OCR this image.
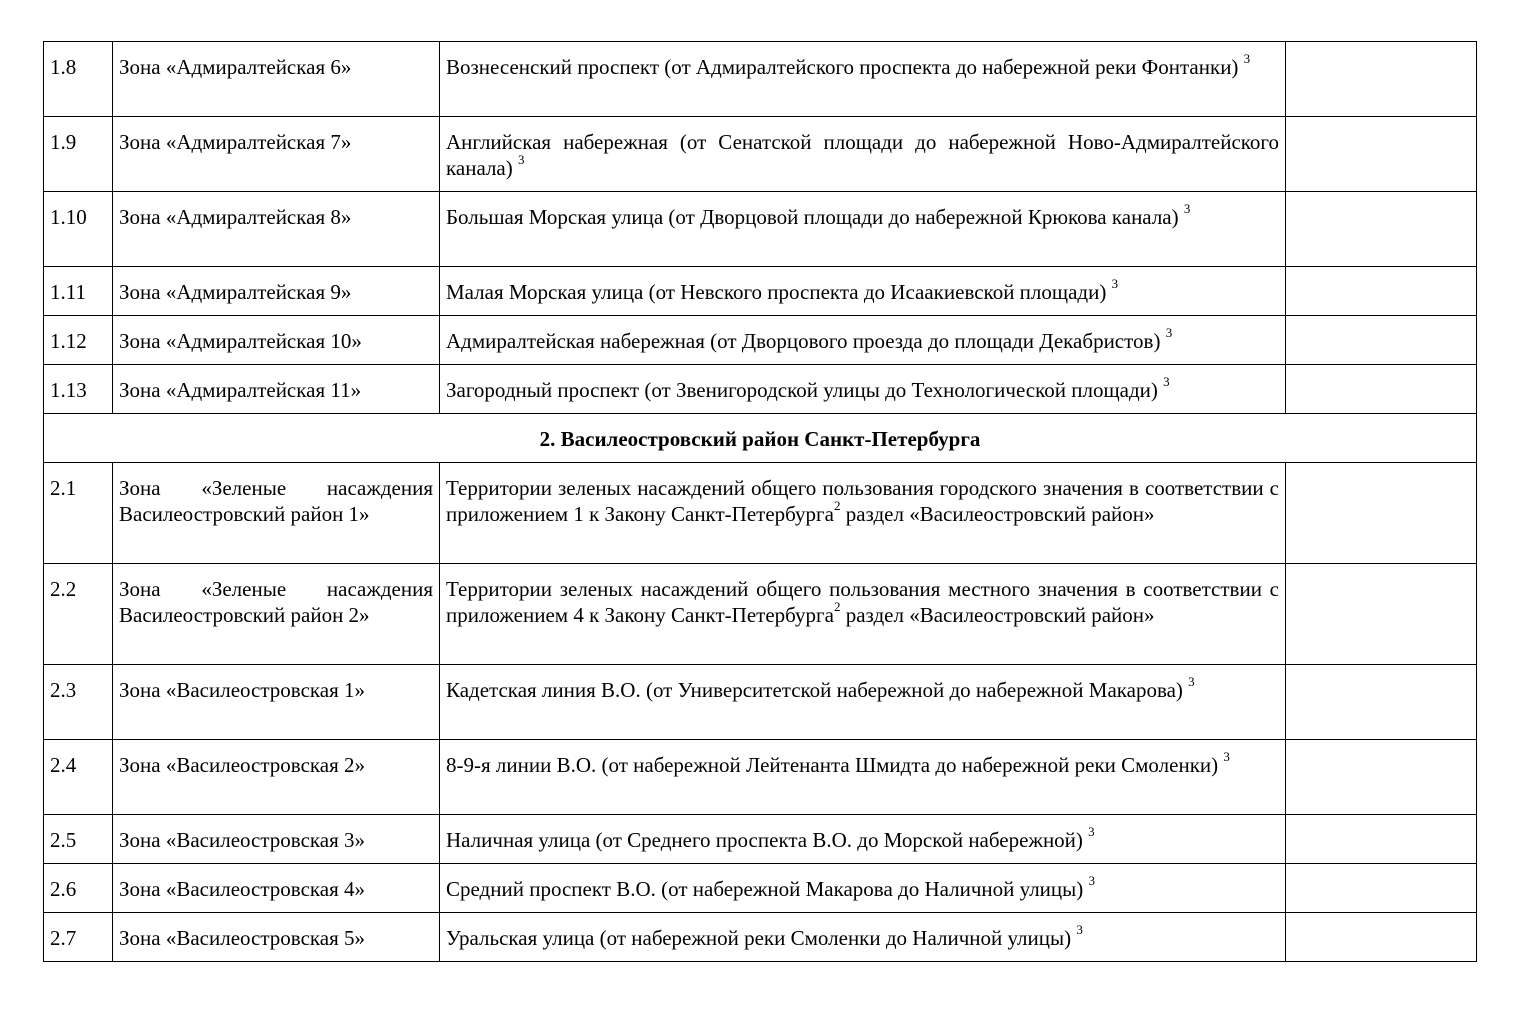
1.8	Зона «Адмиралтейская 6»	Вознесенский проспект (от Адмиралтейского проспекта до набережной реки Фонтанки) $^3$	
1.9	Зона «Адмиралтейская 7»	Английская набережная (от Сенатской площади до набережной Ново-Адмиралтейского канала) $^3$	
1.10	Зона «Адмиралтейская 8»	Большая Морская улица (от Дворцовой площади до набережной Крюкова канала) $^3$	
1.11	Зона «Адмиралтейская 9»	Малая Морская улица (от Невского проспекта до Исаакиевской площади) $^3$	
1.12	Зона «Адмиралтейская 10»	Адмиралтейская набережная (от Дворцового проезда до площади Декабристов) $^3$	
1.13	Зона «Адмиралтейская 11»	Загородный проспект (от Звенигородской улицы до Технологической площади) $^3$	
2. Василеостровский район Санкт-Петербурга			
2.1	Зона «Зеленые насаждения Василеостровский район 1»	Территории зеленых насаждений общего пользования городского значения в соответствии с приложением 1 к Закону Санкт-Петербурга$^2$ раздел «Василеостровский район»	
2.2	Зона «Зеленые насаждения Василеостровский район 2»	Территории зеленых насаждений общего пользования местного значения в соответствии с приложением 4 к Закону Санкт-Петербурга$^2$ раздел «Василеостровский район»	
2.3	Зона «Василеостровская 1»	Кадетская линия В.О. (от Университетской набережной до набережной Макарова) $^3$	
2.4	Зона «Василеостровская 2»	8-9-я линии В.О. (от набережной Лейтенанта Шмидта до набережной реки Смоленки) $^3$	
2.5	Зона «Василеостровская 3»	Наличная улица (от Среднего проспекта В.О. до Морской набережной) $^3$	
2.6	Зона «Василеостровская 4»	Средний проспект В.О. (от набережной Макарова до Наличной улицы) $^3$	
2.7	Зона «Василеостровская 5»	Уральская улица (от набережной реки Смоленки до Наличной улицы) $^3$	
